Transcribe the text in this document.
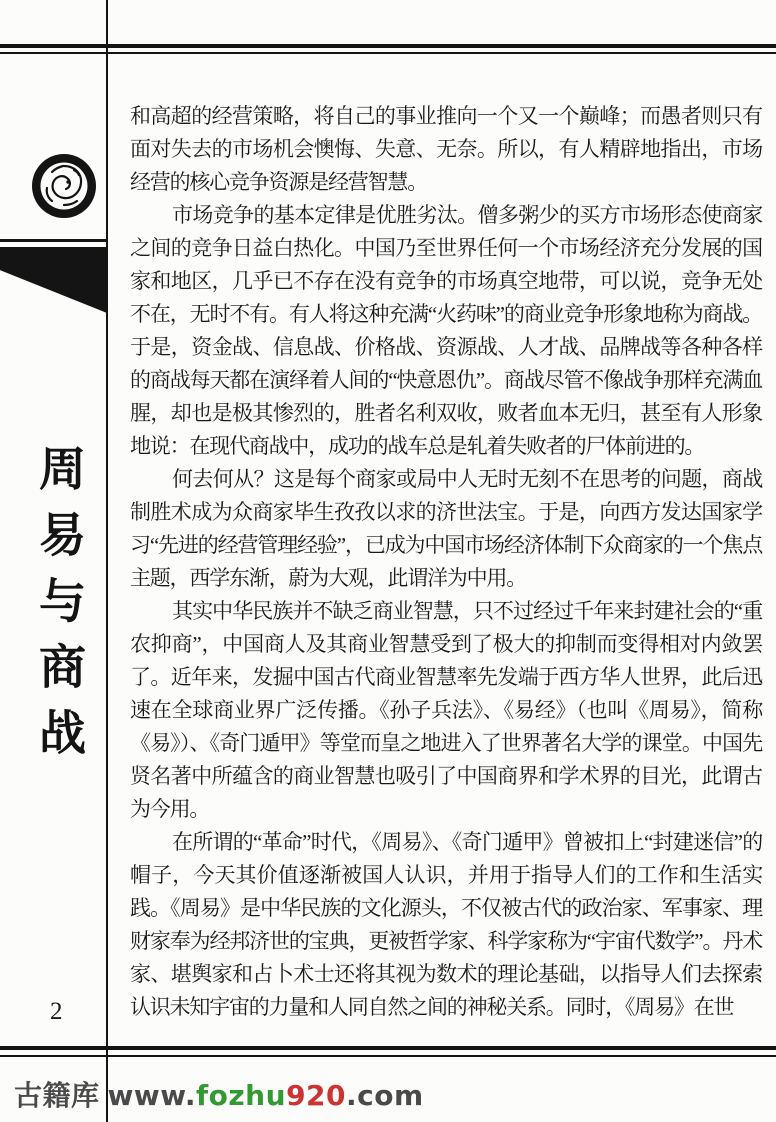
周易与商战
2

和高超的经营策略，将自己的事业推向一个又一个巅峰；而愚者则只有面对失去的市场机会懊悔、失意、无奈。所以，有人精辟地指出，市场经营的核心竞争资源是经营智慧。

市场竞争的基本定律是优胜劣汰。僧多粥少的买方市场形态使商家之间的竞争日益白热化。中国乃至世界任何一个市场经济充分发展的国家和地区，几乎已不存在没有竞争的市场真空地带，可以说，竞争无处不在，无时不有。有人将这种充满“火药味”的商业竞争形象地称为商战。于是，资金战、信息战、价格战、资源战、人才战、品牌战等各种各样的商战每天都在演绎着人间的“快意恩仇”。商战尽管不像战争那样充满血腥，却也是极其惨烈的，胜者名利双收，败者血本无归，甚至有人形象地说：在现代商战中，成功的战车总是轧着失败者的尸体前进的。

何去何从？这是每个商家或局中人无时无刻不在思考的问题，商战制胜术成为众商家毕生孜孜以求的济世法宝。于是，向西方发达国家学习“先进的经营管理经验”，已成为中国市场经济体制下众商家的一个焦点主题，西学东渐，蔚为大观，此谓洋为中用。

其实中华民族并不缺乏商业智慧，只不过经过千年来封建社会的“重农抑商”，中国商人及其商业智慧受到了极大的抑制而变得相对内敛罢了。近年来，发掘中国古代商业智慧率先发端于西方华人世界，此后迅速在全球商业界广泛传播。《孙子兵法》、《易经》（也叫《周易》，简称《易》）、《奇门遁甲》等堂而皇之地进入了世界著名大学的课堂。中国先贤名著中所蕴含的商业智慧也吸引了中国商界和学术界的目光，此谓古为今用。

在所谓的“革命”时代，《周易》、《奇门遁甲》曾被扣上“封建迷信”的帽子，今天其价值逐渐被国人认识，并用于指导人们的工作和生活实践。《周易》是中华民族的文化源头，不仅被古代的政治家、军事家、理财家奉为经邦济世的宝典，更被哲学家、科学家称为“宇宙代数学”。丹术家、堪舆家和占卜术士还将其视为数术的理论基础，以指导人们去探索认识未知宇宙的力量和人同自然之间的神秘关系。同时，《周易》在世

古籍库 www.fozhu920.com
